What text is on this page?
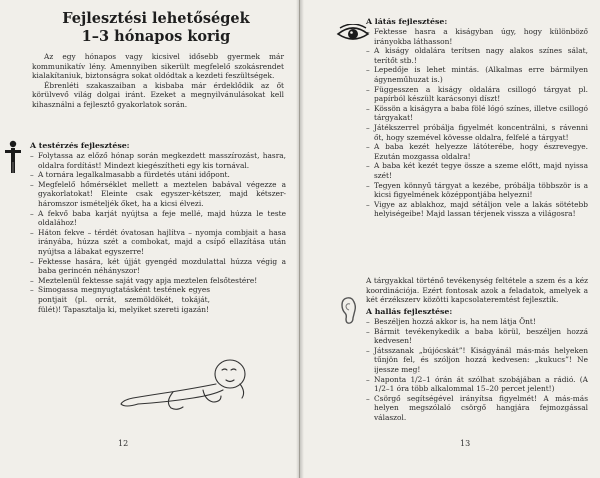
Fejlesztési lehetőségek
1–3 hónapos korig

Az egy hónapos vagy kicsivel idősebb gyermek már kommunikatív lény. Amennyiben sikerült megfelelő szokásrendet kialakítaniuk, biztonságra sokat oldódtak a kezdeti feszültségek.

Ébrenléti szakaszaiban a kisbaba már érdeklődik az őt körülvevő világ dolgai iránt. Ezeket a megnyilvánulásokat kell kihasználni a fejlesztő gyakorlatok során.

A testérzés fejlesztése:
– Folytassa az előző hónap során megkezdett masszírozást, hasra, oldalra fordítást! Mindezt kiegészítheti egy kis tornával.
– A tornára legalkalmasabb a fürdetés utáni időpont.
– Megfelelő hőmérséklet mellett a meztelen babával végezze a gyakorlatokat! Eleinte csak egyszer-kétszer, majd kétszer-háromszor ismételjék őket, ha a kicsi élvezi.
– A fekvő baba karját nyújtsa a feje mellé, majd húzza le teste oldalához!
– Háton fekve – térdét óvatosan hajlítva – nyomja combjait a hasa irányába, húzza szét a combokat, majd a csípő ellazítása után nyújtsa a lábakat egyszerre!
– Fektesse hasára, két újját gyengéd mozdulattal húzza végig a baba gerincén néhányszor!
– Meztelenül fektesse saját vagy apja meztelen felsőtestére!
– Simogassa megnyugtatásként testének egyes pontjait (pl. orrát, szemöldökét, tokáját, fülét)! Tapasztalja ki, melyiket szereti igazán!
12
A látás fejlesztése:
– Fektesse hasra a kiságyban úgy, hogy különböző irányokba láthasson!
– A kiságy oldalára terítsen nagy alakos színes sálat, terítőt stb.!
– Lepedője is lehet mintás. (Alkalmas erre bármilyen ágyneműhuzat is.)
– Függesszen a kiságy oldalára csillogó tárgyat pl. papírból készült karácsonyi díszt!
– Kössön a kiságyra a baba fölé lógó színes, illetve csillogó tárgyakat!
– Játékszerrel próbálja figyelmét koncentrálni, s rávenni őt, hogy szemével kövesse oldalra, felfelé a tárgyat!
– A baba kezét helyezze látóterébe, hogy észrevegye. Ezután mozgassa oldalra!
– A baba két kezét tegye össze a szeme előtt, majd nyissa szét!
– Tegyen könnyű tárgyat a kezébe, próbálja többször is a kicsi figyelmének középpontjába helyezni!
– Vigye az ablakhoz, majd sétáljon vele a lakás sötétebb helyiségeibe! Majd lassan térjenek vissza a világosra!

A tárgyakkal történő tevékenység feltétele a szem és a kéz koordinációja. Ezért fontosak azok a feladatok, amelyek a két érzékszerv közötti kapcsolateremtést fejlesztik.

A hallás fejlesztése:
– Beszéljen hozzá akkor is, ha nem látja Önt!
– Bármit tevékenykedik a baba körül, beszéljen hozzá kedvesen!
– Játsszanak „bújócskát”! Kiságyánál más-más helyeken tűnjön fel, és szóljon hozzá kedvesen: „kukucs”! Ne ijessze meg!
– Naponta 1/2–1 órán át szólhat szobájában a rádió. (A 1/2–1 óra több alkalommal 15–20 percet jelent!)
– Csörgő segítségével irányítsa figyelmét! A más-más helyen megszólaló csörgő hangjára fejmozgással válaszol.
13
